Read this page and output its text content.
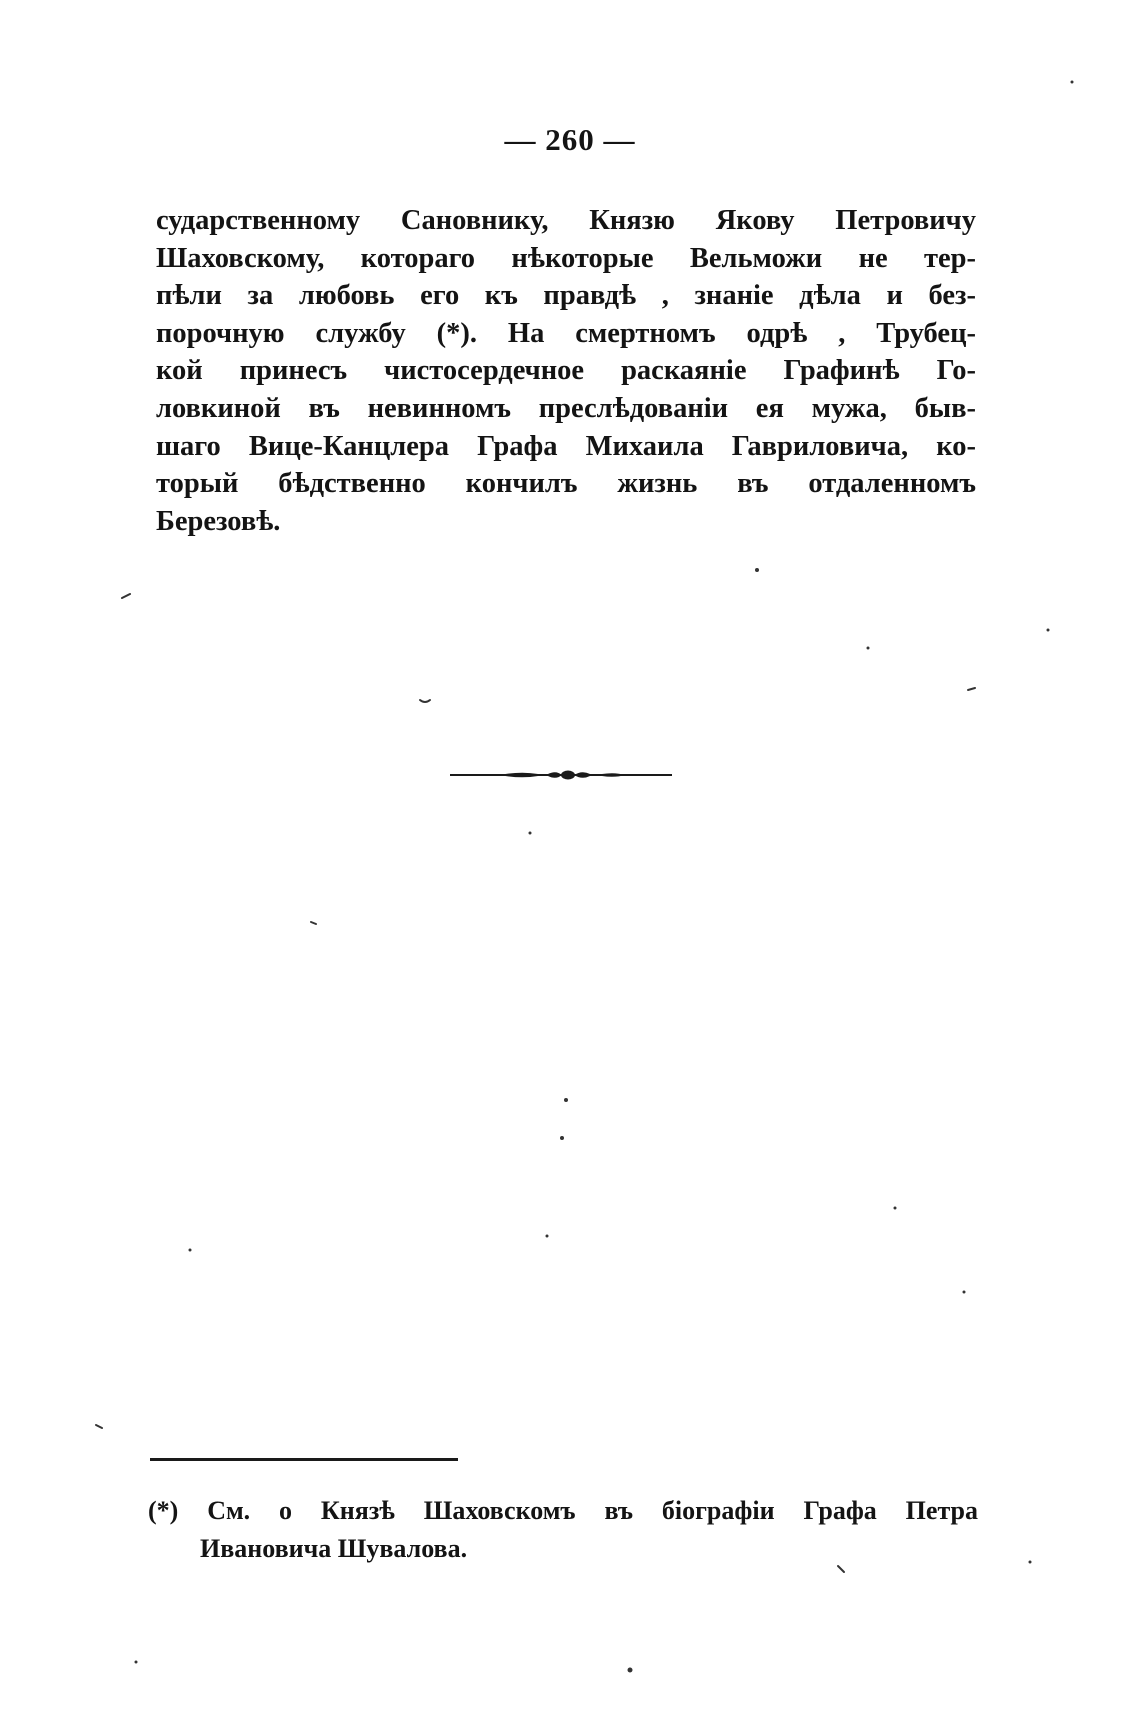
— 260 —

сударственному Сановнику, Князю Якову Петровичу
Шаховскому, котораго нѣкоторые Вельможи не тер-
пѣли за любовь его къ правдѣ , знаніе дѣла и без-
порочную службу (*). На смертномъ одрѣ , Трубец-
кой принесъ чистосердечное раскаяніе Графинѣ Го-
ловкиной въ невинномъ преслѣдованіи ея мужа, быв-
шаго Вице-Канцлера Графа Михаила Гавриловича, ко-
торый бѣдственно кончилъ жизнь въ отдаленномъ
Березовѣ.

(*) См. о Князѣ Шаховскомъ въ біографіи Графа Петра
Ивановича Шувалова.
